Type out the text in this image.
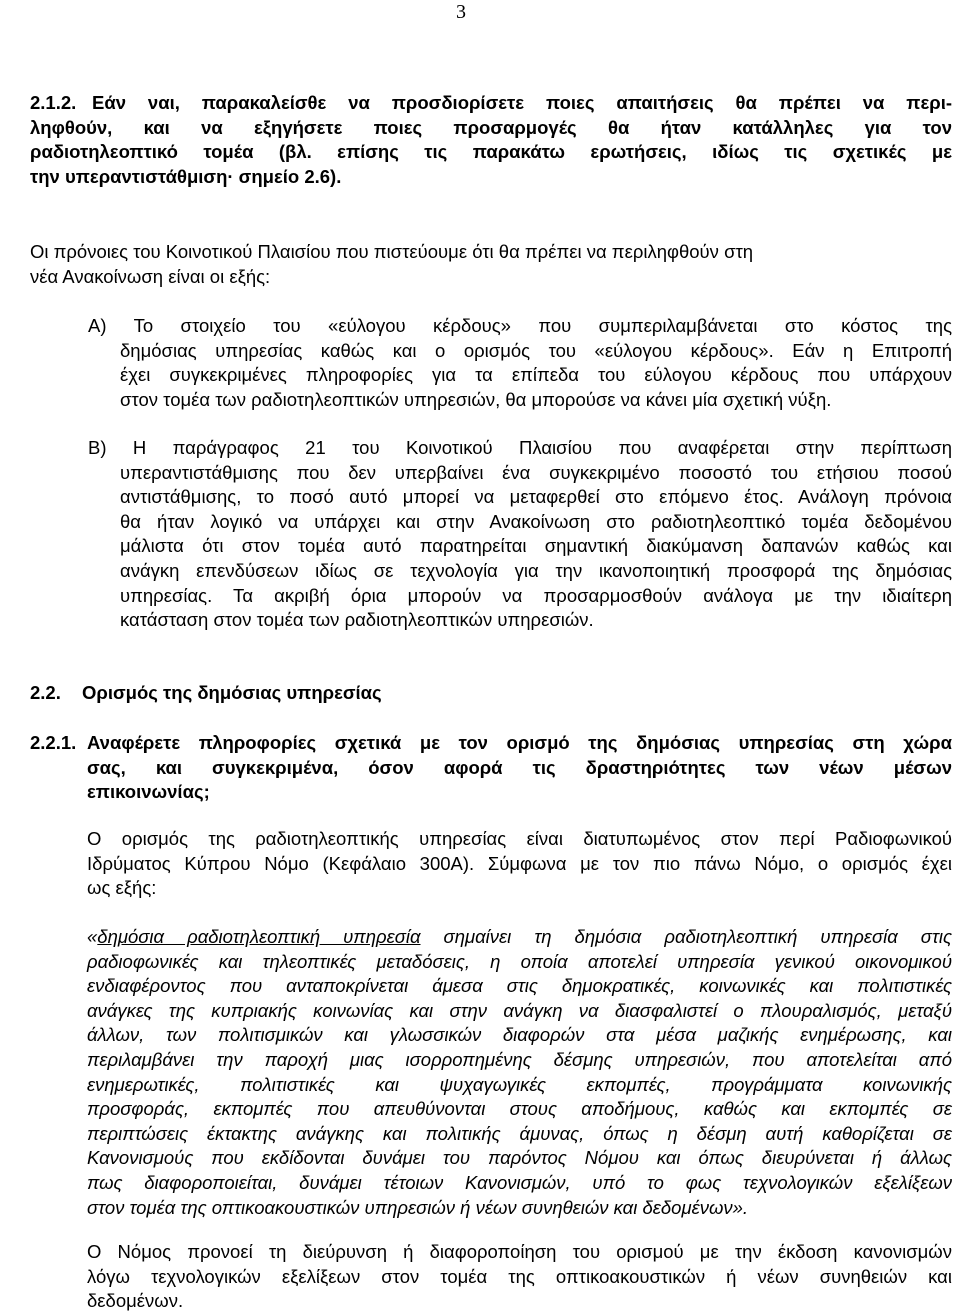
3
2.1.2. Εάν ναι, παρακαλείσθε να προσδιορίσετε ποιες απαιτήσεις θα πρέπει να περι-
ληφθούν, και να εξηγήσετε ποιες προσαρμογές θα ήταν κατάλληλες για τον
ραδιοτηλεοπτικό τομέα (βλ. επίσης τις παρακάτω ερωτήσεις, ιδίως τις σχετικές με
την υπεραντιστάθμιση· σημείο 2.6).
Οι πρόνοιες του Κοινοτικού Πλαισίου που πιστεύουμε ότι θα πρέπει να περιληφθούν στη
νέα Ανακοίνωση είναι οι εξής:
Α) Το στοιχείο του «εύλογου κέρδους» που συμπεριλαμβάνεται στο κόστος της
δημόσιας υπηρεσίας καθώς και ο ορισμός του «εύλογου κέρδους». Εάν η Επιτροπή
έχει συγκεκριμένες πληροφορίες για τα επίπεδα του εύλογου κέρδους που υπάρχουν
στον τομέα των ραδιοτηλεοπτικών υπηρεσιών, θα μπορούσε να κάνει μία σχετική νύξη.
Β) Η παράγραφος 21 του Κοινοτικού Πλαισίου που αναφέρεται στην περίπτωση
υπεραντιστάθμισης που δεν υπερβαίνει ένα συγκεκριμένο ποσοστό του ετήσιου ποσού
αντιστάθμισης, το ποσό αυτό μπορεί να μεταφερθεί στο επόμενο έτος. Ανάλογη πρόνοια
θα ήταν λογικό να υπάρχει και στην Ανακοίνωση στο ραδιοτηλεοπτικό τομέα δεδομένου
μάλιστα ότι στον τομέα αυτό παρατηρείται σημαντική διακύμανση δαπανών καθώς και
ανάγκη επενδύσεων ιδίως σε τεχνολογία για την ικανοποιητική προσφορά της δημόσιας
υπηρεσίας. Τα ακριβή όρια μπορούν να προσαρμοσθούν ανάλογα με την ιδιαίτερη
κατάσταση στον τομέα των ραδιοτηλεοπτικών υπηρεσιών.
2.2. Ορισμός της δημόσιας υπηρεσίας
2.2.1. Αναφέρετε πληροφορίες σχετικά με τον ορισμό της δημόσιας υπηρεσίας στη χώρα
σας, και συγκεκριμένα, όσον αφορά τις δραστηριότητες των νέων μέσων
επικοινωνίας;
Ο ορισμός της ραδιοτηλεοπτικής υπηρεσίας είναι διατυπωμένος στον περί Ραδιοφωνικού
Ιδρύματος Κύπρου Νόμο (Κεφάλαιο 300Α). Σύμφωνα με τον πιο πάνω Νόμο, ο ορισμός έχει
ως εξής:
«δημόσια ραδιοτηλεοπτική υπηρεσία σημαίνει τη δημόσια ραδιοτηλεοπτική υπηρεσία στις
ραδιοφωνικές και τηλεοπτικές μεταδόσεις, η οποία αποτελεί υπηρεσία γενικού οικονομικού
ενδιαφέροντος που ανταποκρίνεται άμεσα στις δημοκρατικές, κοινωνικές και πολιτιστικές
ανάγκες της κυπριακής κοινωνίας και στην ανάγκη να διασφαλιστεί ο πλουραλισμός, μεταξύ
άλλων, των πολιτισμικών και γλωσσικών διαφορών στα μέσα μαζικής ενημέρωσης, και
περιλαμβάνει την παροχή μιας ισορροπημένης δέσμης υπηρεσιών, που αποτελείται από
ενημερωτικές, πολιτιστικές και ψυχαγωγικές εκπομπές, προγράμματα κοινωνικής
προσφοράς, εκπομπές που απευθύνονται στους αποδήμους, καθώς και εκπομπές σε
περιπτώσεις έκτακτης ανάγκης και πολιτικής άμυνας, όπως η δέσμη αυτή καθορίζεται σε
Κανονισμούς που εκδίδονται δυνάμει του παρόντος Νόμου και όπως διευρύνεται ή άλλως
πως διαφοροποιείται, δυνάμει τέτοιων Κανονισμών, υπό το φως τεχνολογικών εξελίξεων
στον τομέα της οπτικοακουστικών υπηρεσιών ή νέων συνηθειών και δεδομένων».
Ο Νόμος προνοεί τη διεύρυνση ή διαφοροποίηση του ορισμού με την έκδοση κανονισμών
λόγω τεχνολογικών εξελίξεων στον τομέα της οπτικοακουστικών ή νέων συνηθειών και
δεδομένων.
